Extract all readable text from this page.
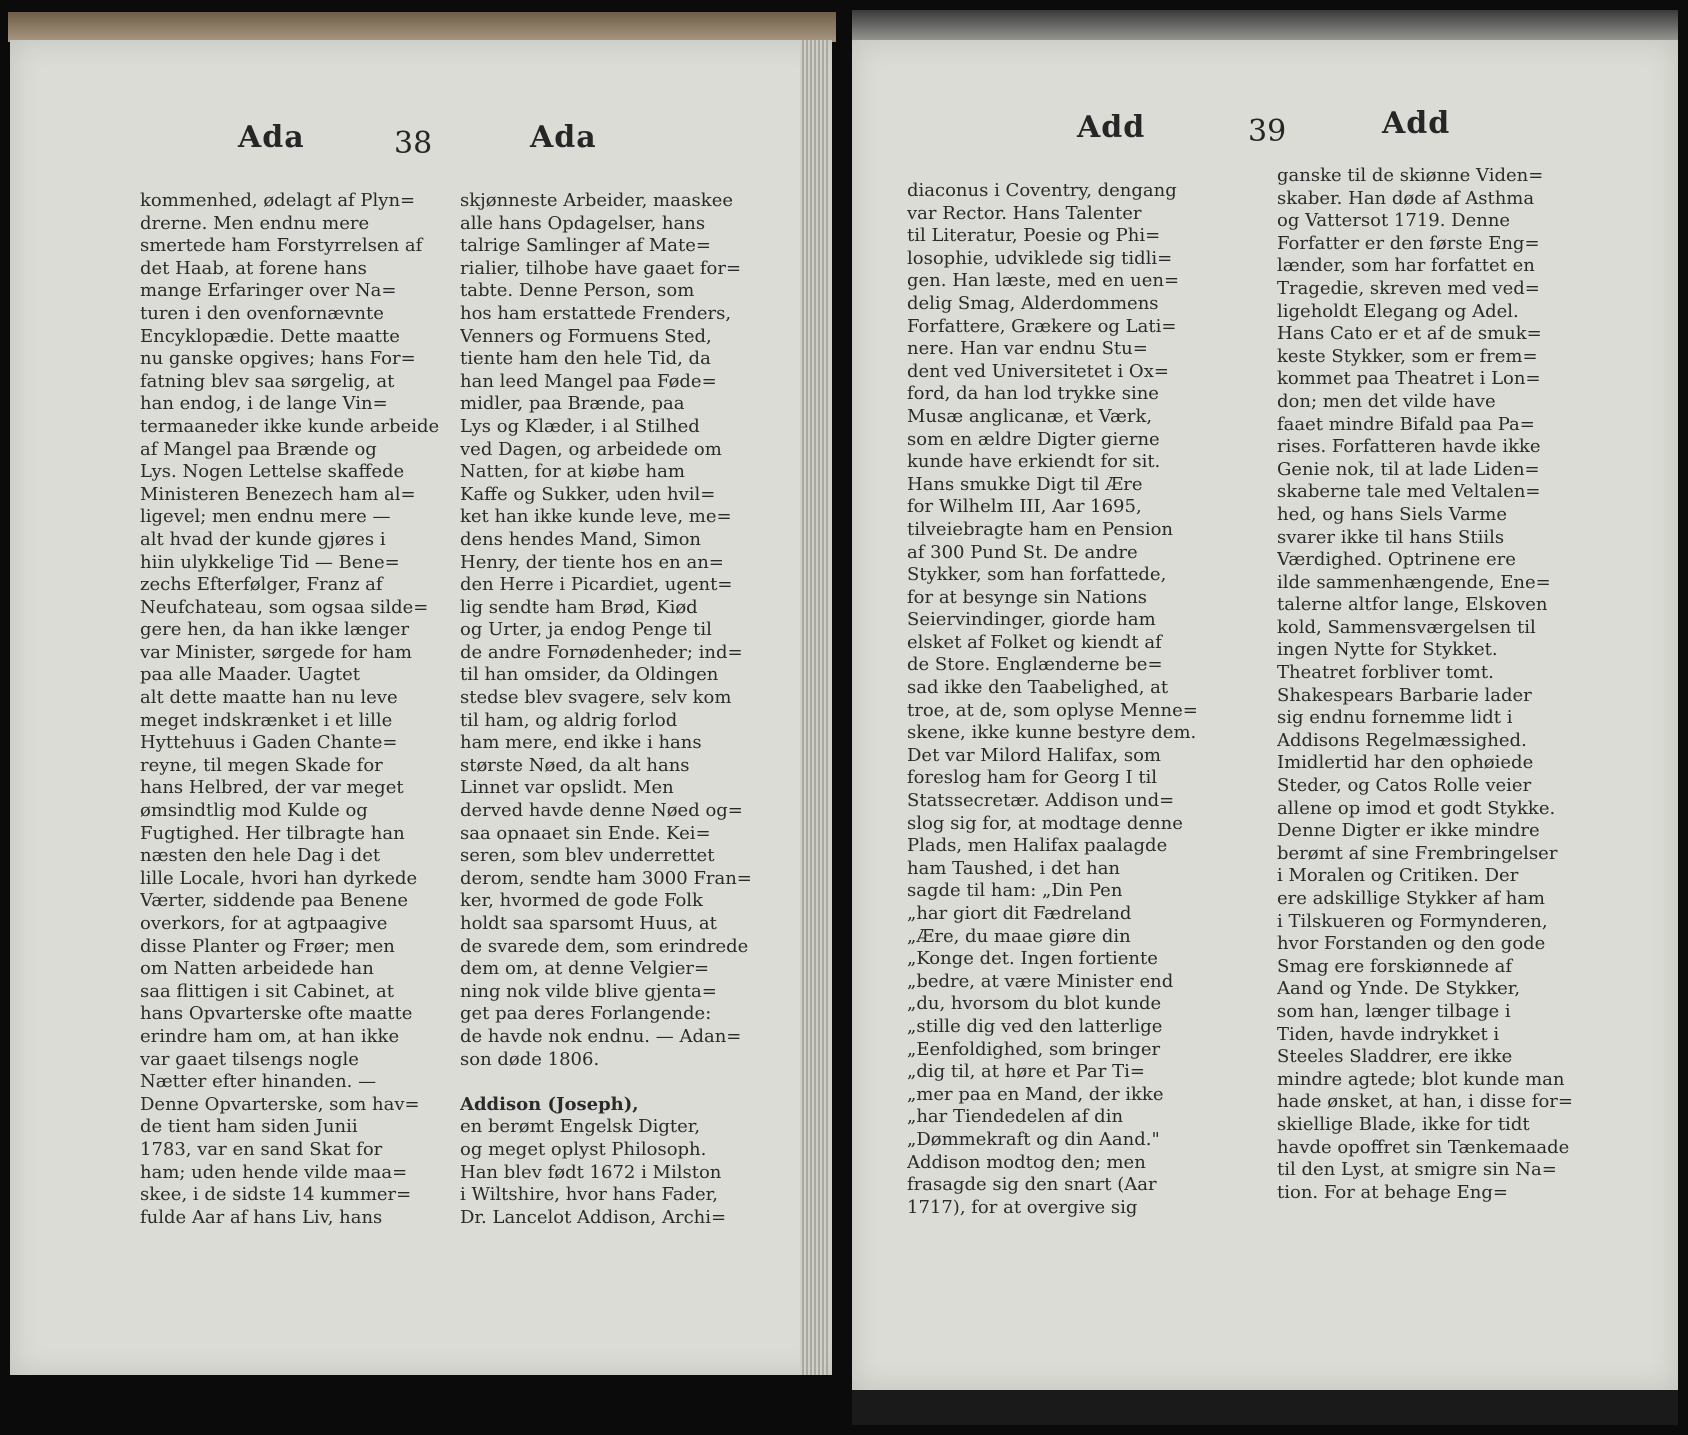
Ada	38	Ada
kommenhed, ødelagt af Plyn=
drerne. Men endnu mere
smertede ham Forstyrrelsen af
det Haab, at forene hans
mange Erfaringer over Na=
turen i den ovenfornævnte
Encyklopædie. Dette maatte
nu ganske opgives; hans For=
fatning blev saa sørgelig, at
han endog, i de lange Vin=
termaaneder ikke kunde arbeide
af Mangel paa Brænde og
Lys. Nogen Lettelse skaffede
Ministeren Benezech ham al=
ligevel; men endnu mere —
alt hvad der kunde gjøres i
hiin ulykkelige Tid — Bene=
zechs Efterfølger, Franz af
Neufchateau, som ogsaa silde=
gere hen, da han ikke længer
var Minister, sørgede for ham
paa alle Maader. Uagtet
alt dette maatte han nu leve
meget indskrænket i et lille
Hyttehuus i Gaden Chante=
reyne, til megen Skade for
hans Helbred, der var meget
ømsindtlig mod Kulde og
Fugtighed. Her tilbragte han
næsten den hele Dag i det
lille Locale, hvori han dyrkede
Værter, siddende paa Benene
overkors, for at agtpaagive
disse Planter og Frøer; men
om Natten arbeidede han
saa flittigen i sit Cabinet, at
hans Opvarterske ofte maatte
erindre ham om, at han ikke
var gaaet tilsengs nogle
Nætter efter hinanden. —
Denne Opvarterske, som hav=
de tient ham siden Junii
1783, var en sand Skat for
ham; uden hende vilde maa=
skee, i de sidste 14 kummer=
fulde Aar af hans Liv, hans
skjønneste Arbeider, maaskee
alle hans Opdagelser, hans
talrige Samlinger af Mate=
rialier, tilhobe have gaaet for=
tabte. Denne Person, som
hos ham erstattede Frenders,
Venners og Formuens Sted,
tiente ham den hele Tid, da
han leed Mangel paa Føde=
midler, paa Brænde, paa
Lys og Klæder, i al Stilhed
ved Dagen, og arbeidede om
Natten, for at kiøbe ham
Kaffe og Sukker, uden hvil=
ket han ikke kunde leve, me=
dens hendes Mand, Simon
Henry, der tiente hos en an=
den Herre i Picardiet, ugent=
lig sendte ham Brød, Kiød
og Urter, ja endog Penge til
de andre Fornødenheder; ind=
til han omsider, da Oldingen
stedse blev svagere, selv kom
til ham, og aldrig forlod
ham mere, end ikke i hans
største Nøed, da alt hans
Linnet var opslidt. Men
derved havde denne Nøed og=
saa opnaaet sin Ende. Kei=
seren, som blev underrettet
derom, sendte ham 3000 Fran=
ker, hvormed de gode Folk
holdt saa sparsomt Huus, at
de svarede dem, som erindrede
dem om, at denne Velgier=
ning nok vilde blive gjenta=
get paa deres Forlangende:
de havde nok endnu. — Adan=
son døde 1806.
Addison (Joseph),
en berømt Engelsk Digter,
og meget oplyst Philosoph.
Han blev født 1672 i Milston
i Wiltshire, hvor hans Fader,
Dr. Lancelot Addison, Archi=
Add	39	Add
diaconus i Coventry, dengang
var Rector. Hans Talenter
til Literatur, Poesie og Phi=
losophie, udviklede sig tidli=
gen. Han læste, med en uen=
delig Smag, Alderdommens
Forfattere, Grækere og Lati=
nere. Han var endnu Stu=
dent ved Universitetet i Ox=
ford, da han lod trykke sine
Musæ anglicanæ, et Værk,
som en ældre Digter gierne
kunde have erkiendt for sit.
Hans smukke Digt til Ære
for Wilhelm III, Aar 1695,
tilveiebragte ham en Pension
af 300 Pund St. De andre
Stykker, som han forfattede,
for at besynge sin Nations
Seiervindinger, giorde ham
elsket af Folket og kiendt af
de Store. Englænderne be=
sad ikke den Taabelighed, at
troe, at de, som oplyse Menne=
skene, ikke kunne bestyre dem.
Det var Milord Halifax, som
foreslog ham for Georg I til
Statssecretær. Addison und=
slog sig for, at modtage denne
Plads, men Halifax paalagde
ham Taushed, i det han
sagde til ham: „Din Pen
„har giort dit Fædreland
„Ære, du maae giøre din
„Konge det. Ingen fortiente
„bedre, at være Minister end
„du, hvorsom du blot kunde
„stille dig ved den latterlige
„Eenfoldighed, som bringer
„dig til, at høre et Par Ti=
„mer paa en Mand, der ikke
„har Tiendedelen af din
„Dømmekraft og din Aand."
Addison modtog den; men
frasagde sig den snart (Aar
1717), for at overgive sig
ganske til de skiønne Viden=
skaber. Han døde af Asthma
og Vattersot 1719. Denne
Forfatter er den første Eng=
lænder, som har forfattet en
Tragedie, skreven med ved=
ligeholdt Elegang og Adel.
Hans Cato er et af de smuk=
keste Stykker, som er frem=
kommet paa Theatret i Lon=
don; men det vilde have
faaet mindre Bifald paa Pa=
rises. Forfatteren havde ikke
Genie nok, til at lade Liden=
skaberne tale med Veltalen=
hed, og hans Siels Varme
svarer ikke til hans Stiils
Værdighed. Optrinene ere
ilde sammenhængende, Ene=
talerne altfor lange, Elskoven
kold, Sammensværgelsen til
ingen Nytte for Stykket.
Theatret forbliver tomt.
Shakespears Barbarie lader
sig endnu fornemme lidt i
Addisons Regelmæssighed.
Imidlertid har den ophøiede
Steder, og Catos Rolle veier
allene op imod et godt Stykke.
Denne Digter er ikke mindre
berømt af sine Frembringelser
i Moralen og Critiken. Der
ere adskillige Stykker af ham
i Tilskueren og Formynderen,
hvor Forstanden og den gode
Smag ere forskiønnede af
Aand og Ynde. De Stykker,
som han, længer tilbage i
Tiden, havde indrykket i
Steeles Sladdrer, ere ikke
mindre agtede; blot kunde man
hade ønsket, at han, i disse for=
skiellige Blade, ikke for tidt
havde opoffret sin Tænkemaade
til den Lyst, at smigre sin Na=
tion. For at behage Eng=
